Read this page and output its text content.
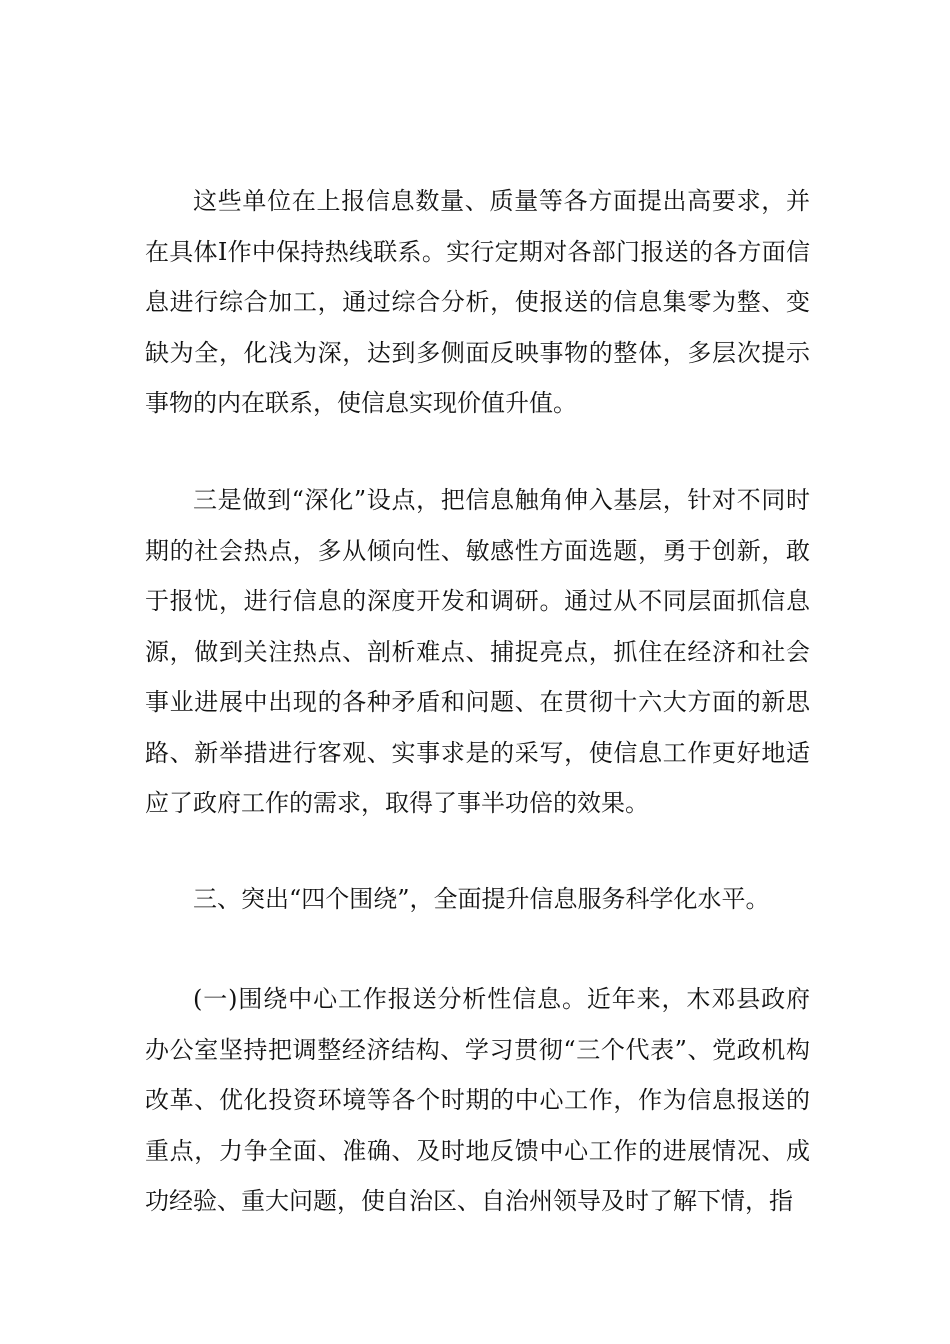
这些单位在上报信息数量、质量等各方面提出高要求，并在具体I作中保持热线联系。实行定期对各部门报送的各方面信息进行综合加工，通过综合分析，使报送的信息集零为整、变缺为全，化浅为深，达到多侧面反映事物的整体，多层次提示事物的内在联系，使信息实现价值升值。

三是做到“深化”设点，把信息触角伸入基层，针对不同时期的社会热点，多从倾向性、敏感性方面选题，勇于创新，敢于报忧，进行信息的深度开发和调研。通过从不同层面抓信息源，做到关注热点、剖析难点、捕捉亮点，抓住在经济和社会事业进展中出现的各种矛盾和问题、在贯彻十六大方面的新思路、新举措进行客观、实事求是的采写，使信息工作更好地适应了政府工作的需求，取得了事半功倍的效果。

三、突出“四个围绕”，全面提升信息服务科学化水平。

(一)围绕中心工作报送分析性信息。近年来，木邓县政府办公室坚持把调整经济结构、学习贯彻“三个代表”、党政机构改革、优化投资环境等各个时期的中心工作，作为信息报送的重点，力争全面、准确、及时地反馈中心工作的进展情况、成功经验、重大问题，使自治区、自治州领导及时了解下情，指
